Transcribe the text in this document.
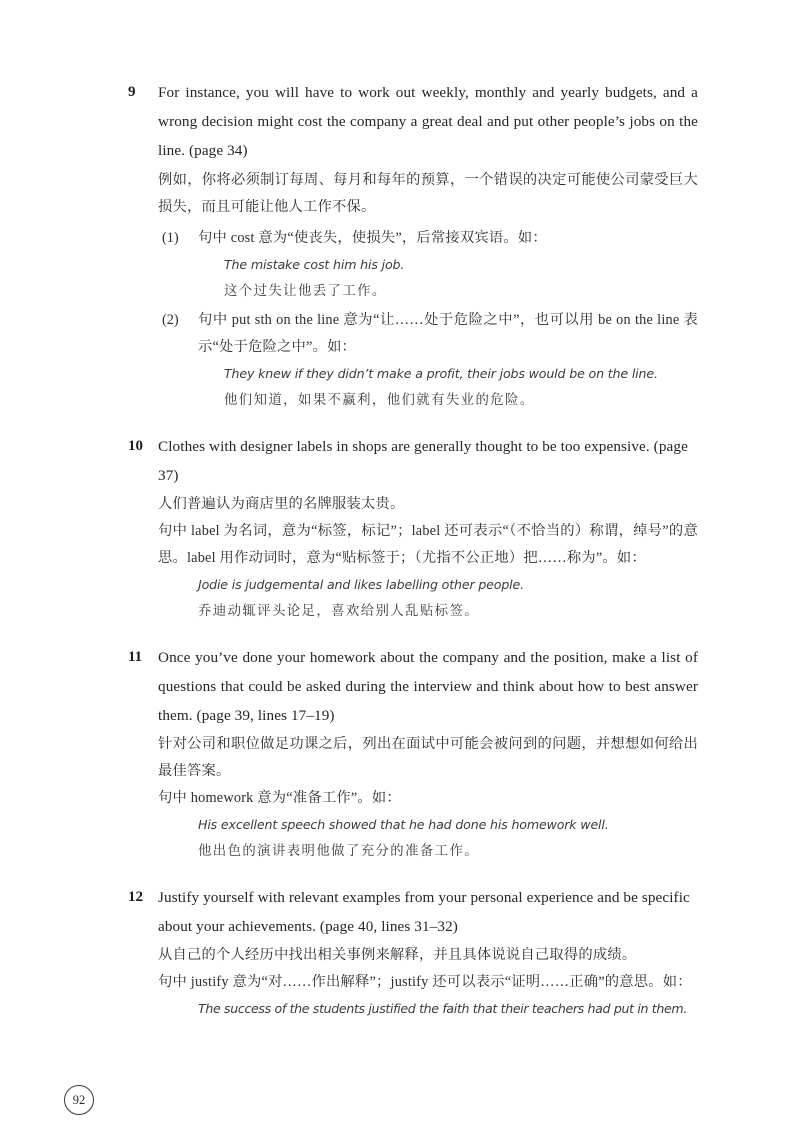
9	For instance, you will have to work out weekly, monthly and yearly budgets, and a wrong decision might cost the company a great deal and put other people’s jobs on the line. (page 34)
例如，你将必须制订每周、每月和每年的预算，一个错误的决定可能使公司蒙受巨大损失，而且可能让他人工作不保。
(1)	句中 cost 意为“使丧失，使损失”，后常接双宾语。如：
The mistake cost him his job.
这个过失让他丢了工作。
(2)	句中 put sth on the line 意为“让……处于危险之中”，也可以用 be on the line 表示“处于危险之中”。如：
They knew if they didn’t make a profit, their jobs would be on the line.
他们知道，如果不赢利，他们就有失业的危险。
10 Clothes with designer labels in shops are generally thought to be too expensive. (page 37)
人们普遍认为商店里的名牌服装太贵。
句中 label 为名词，意为“标签，标记”；label 还可表示“（不恰当的）称谓，绰号”的意思。label 用作动词时，意为“贴标签于；（尤指不公正地）把……称为”。如：
Jodie is judgemental and likes labelling other people.
乔迪动辄评头论足，喜欢给别人乱贴标签。
11	Once you’ve done your homework about the company and the position, make a list of questions that could be asked during the interview and think about how to best answer them. (page 39, lines 17–19)
针对公司和职位做足功课之后，列出在面试中可能会被问到的问题，并想想如何给出最佳答案。
句中 homework 意为“准备工作”。如：
His excellent speech showed that he had done his homework well.
他出色的演讲表明他做了充分的准备工作。
12 Justify yourself with relevant examples from your personal experience and be specific about your achievements. (page 40, lines 31–32)
从自己的个人经历中找出相关事例来解释，并且具体说说自己取得的成绩。
句中 justify 意为“对……作出解释”；justify 还可以表示“证明……正确”的意思。如：
The success of the students justified the faith that their teachers had put in them.
92
